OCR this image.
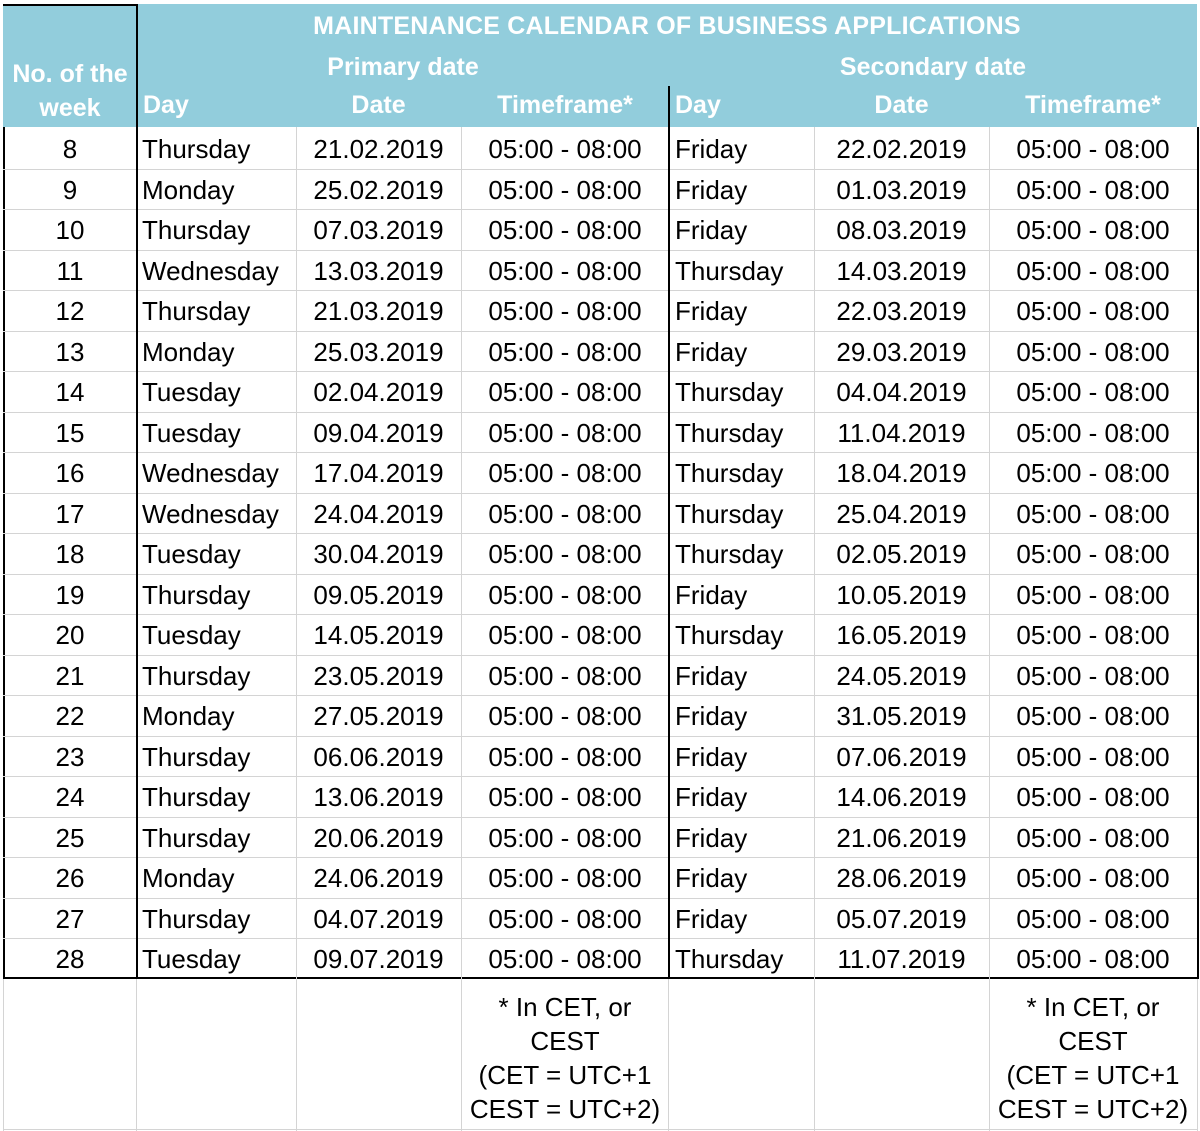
MAINTENANCE CALENDAR OF BUSINESS APPLICATIONS
No. of the
week
Primary date	Secondary date
Day	Date	Timeframe*	Day	Date	Timeframe*
8	Thursday	21.02.2019	05:00 - 08:00	Friday	22.02.2019	05:00 - 08:00
9	Monday	25.02.2019	05:00 - 08:00	Friday	01.03.2019	05:00 - 08:00
10	Thursday	07.03.2019	05:00 - 08:00	Friday	08.03.2019	05:00 - 08:00
11	Wednesday	13.03.2019	05:00 - 08:00	Thursday	14.03.2019	05:00 - 08:00
12	Thursday	21.03.2019	05:00 - 08:00	Friday	22.03.2019	05:00 - 08:00
13	Monday	25.03.2019	05:00 - 08:00	Friday	29.03.2019	05:00 - 08:00
14	Tuesday	02.04.2019	05:00 - 08:00	Thursday	04.04.2019	05:00 - 08:00
15	Tuesday	09.04.2019	05:00 - 08:00	Thursday	11.04.2019	05:00 - 08:00
16	Wednesday	17.04.2019	05:00 - 08:00	Thursday	18.04.2019	05:00 - 08:00
17	Wednesday	24.04.2019	05:00 - 08:00	Thursday	25.04.2019	05:00 - 08:00
18	Tuesday	30.04.2019	05:00 - 08:00	Thursday	02.05.2019	05:00 - 08:00
19	Thursday	09.05.2019	05:00 - 08:00	Friday	10.05.2019	05:00 - 08:00
20	Tuesday	14.05.2019	05:00 - 08:00	Thursday	16.05.2019	05:00 - 08:00
21	Thursday	23.05.2019	05:00 - 08:00	Friday	24.05.2019	05:00 - 08:00
22	Monday	27.05.2019	05:00 - 08:00	Friday	31.05.2019	05:00 - 08:00
23	Thursday	06.06.2019	05:00 - 08:00	Friday	07.06.2019	05:00 - 08:00
24	Thursday	13.06.2019	05:00 - 08:00	Friday	14.06.2019	05:00 - 08:00
25	Thursday	20.06.2019	05:00 - 08:00	Friday	21.06.2019	05:00 - 08:00
26	Monday	24.06.2019	05:00 - 08:00	Friday	28.06.2019	05:00 - 08:00
27	Thursday	04.07.2019	05:00 - 08:00	Friday	05.07.2019	05:00 - 08:00
28	Tuesday	09.07.2019	05:00 - 08:00	Thursday	11.07.2019	05:00 - 08:00
* In CET, or
CEST
(CET = UTC+1
CEST = UTC+2)
* In CET, or
CEST
(CET = UTC+1
CEST = UTC+2)
